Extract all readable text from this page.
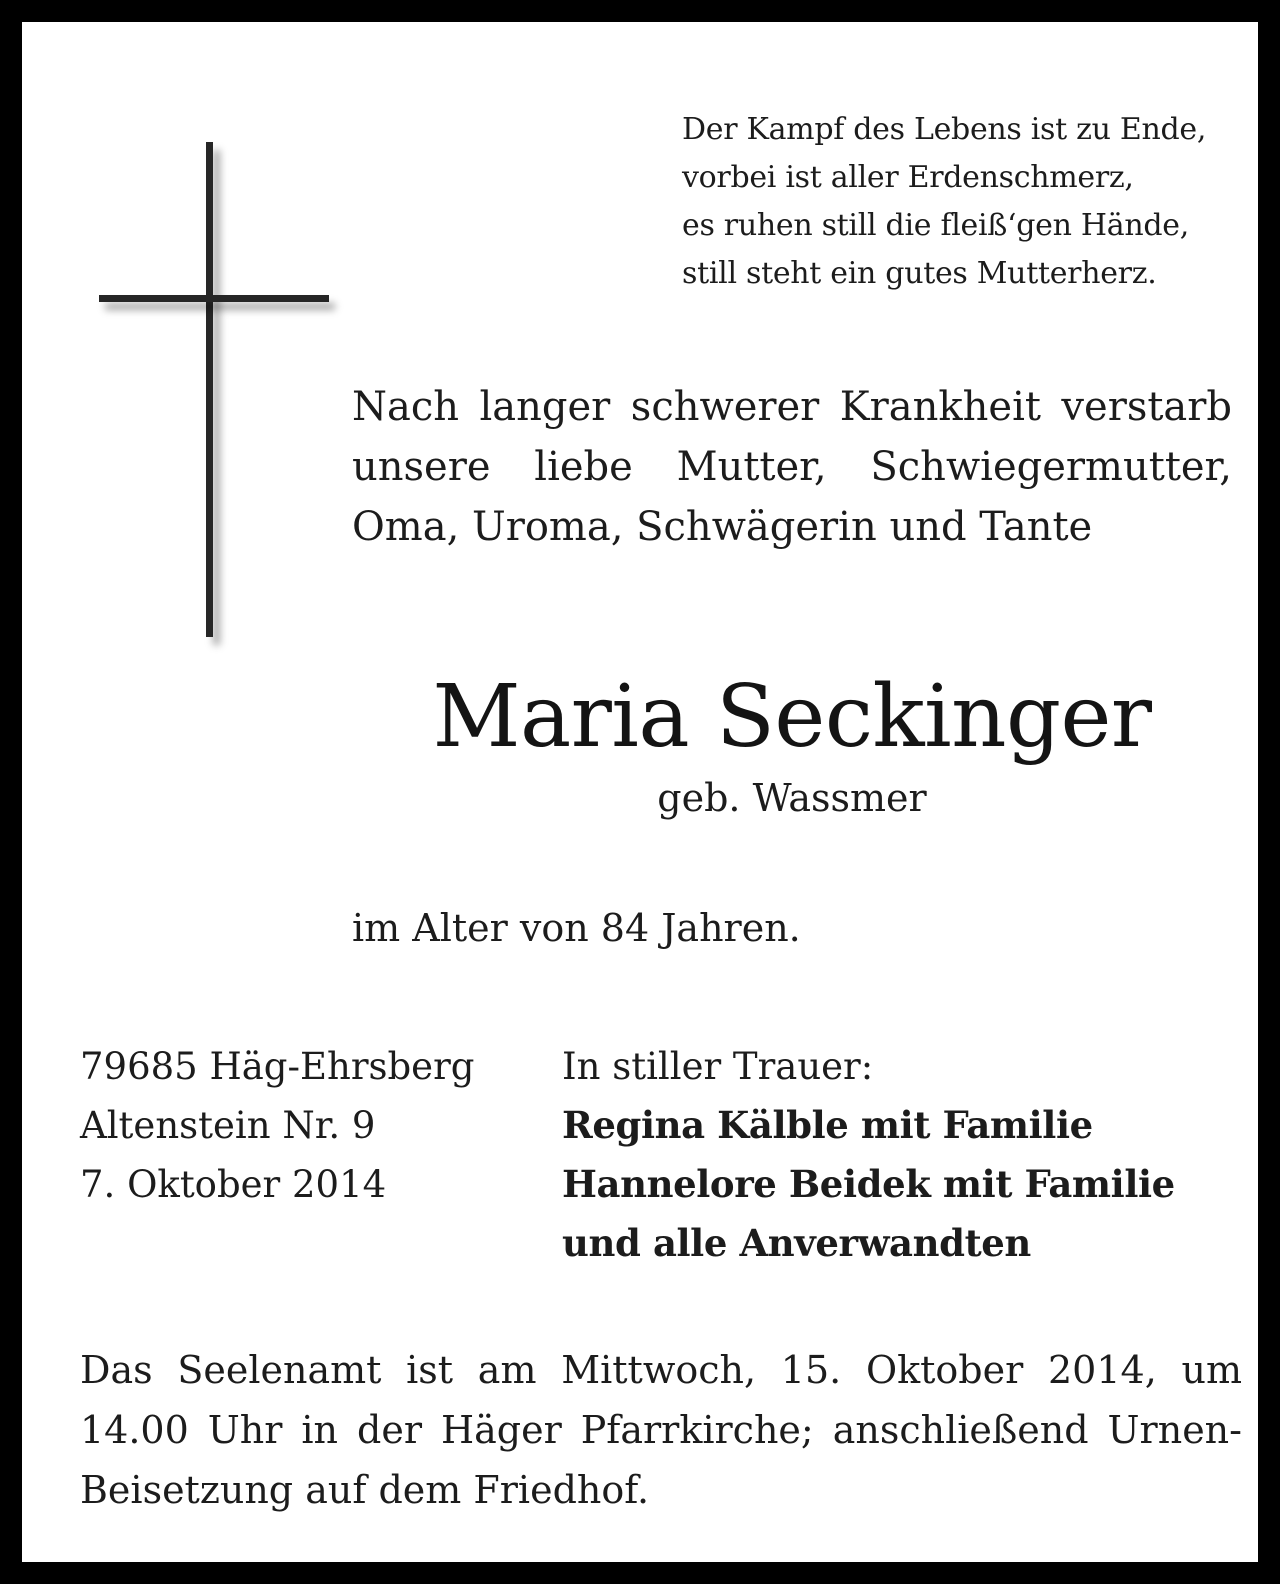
Der Kampf des Lebens ist zu Ende,
vorbei ist aller Erdenschmerz,
es ruhen still die fleiß‘gen Hände,
still steht ein gutes Mutterherz.
Nach langer schwerer Krankheit verstarb unsere liebe Mutter, Schwiegermutter, Oma, Uroma, Schwägerin und Tante
Maria Seckinger
geb. Wassmer
im Alter von 84 Jahren.
79685 Häg-Ehrsberg
Altenstein Nr. 9
7. Oktober 2014
In stiller Trauer:
Regina Kälble mit Familie
Hannelore Beidek mit Familie
und alle Anverwandten
Das Seelenamt ist am Mittwoch, 15. Oktober 2014, um 14.00 Uhr in der Häger Pfarrkirche; anschließend Urnen-Beisetzung auf dem Friedhof.
